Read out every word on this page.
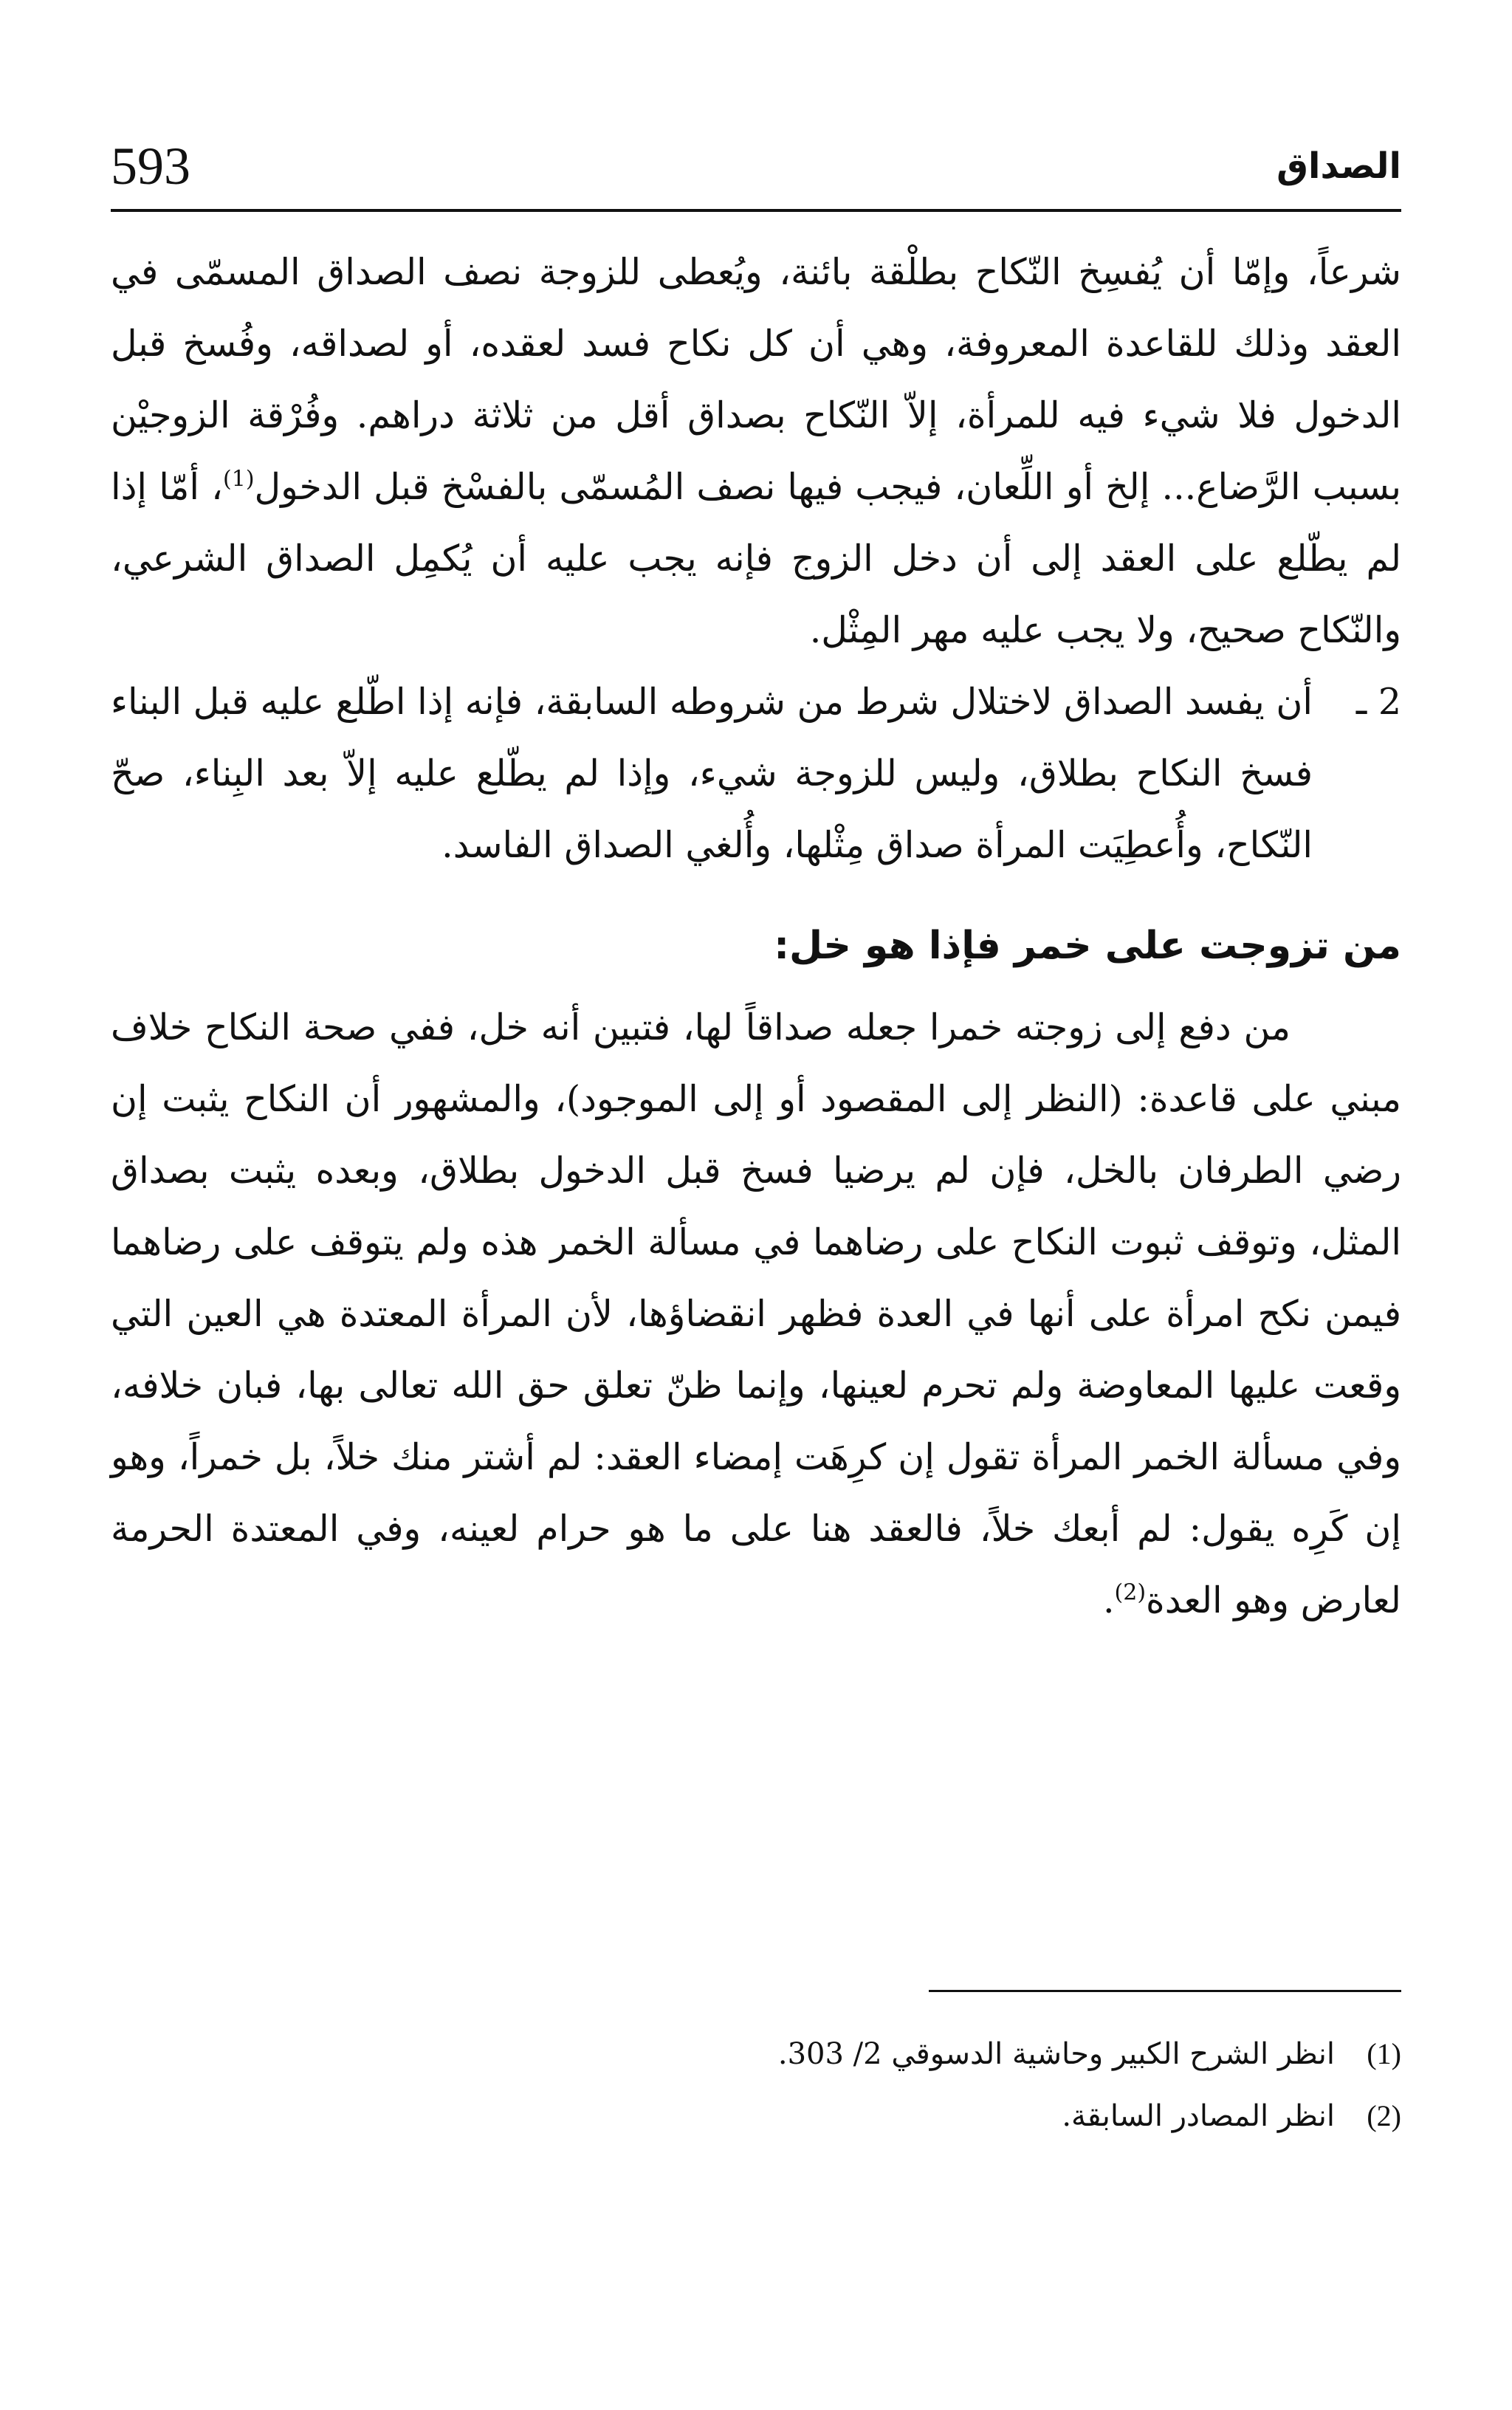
593	الصداق

شرعاً، وإمّا أن يُفسِخ النّكاح بطلْقة بائنة، ويُعطى للزوجة نصف الصداق المسمّى في العقد وذلك للقاعدة المعروفة، وهي أن كل نكاح فسد لعقده، أو لصداقه، وفُسخ قبل الدخول فلا شيء فيه للمرأة، إلاّ النّكاح بصداق أقل من ثلاثة دراهم. وفُرْقة الزوجيْن بسبب الرَّضاع... إلخ أو اللِّعان، فيجب فيها نصف المُسمّى بالفسْخ قبل الدخول$^{(1)}$، أمّا إذا لم يطّلع على العقد إلى أن دخل الزوج فإنه يجب عليه أن يُكمِل الصداق الشرعي، والنّكاح صحيح، ولا يجب عليه مهر المِثْل.

2 ـ
أن يفسد الصداق لاختلال شرط من شروطه السابقة، فإنه إذا اطّلع عليه قبل البناء فسخ النكاح بطلاق، وليس للزوجة شيء، وإذا لم يطّلع عليه إلاّ بعد البِناء، صحّ النّكاح، وأُعطِيَت المرأة صداق مِثْلها، وأُلغي الصداق الفاسد.

من تزوجت على خمر فإذا هو خل:

من دفع إلى زوجته خمرا جعله صداقاً لها، فتبين أنه خل، ففي صحة النكاح خلاف مبني على قاعدة: (النظر إلى المقصود أو إلى الموجود)، والمشهور أن النكاح يثبت إن رضي الطرفان بالخل، فإن لم يرضيا فسخ قبل الدخول بطلاق، وبعده يثبت بصداق المثل، وتوقف ثبوت النكاح على رضاهما في مسألة الخمر هذه ولم يتوقف على رضاهما فيمن نكح امرأة على أنها في العدة فظهر انقضاؤها، لأن المرأة المعتدة هي العين التي وقعت عليها المعاوضة ولم تحرم لعينها، وإنما ظنّ تعلق حق الله تعالى بها، فبان خلافه، وفي مسألة الخمر المرأة تقول إن كرِهَت إمضاء العقد: لم أشتر منك خلاً، بل خمراً، وهو إن كَرِه يقول: لم أبعك خلاً، فالعقد هنا على ما هو حرام لعينه، وفي المعتدة الحرمة لعارض وهو العدة$^{(2)}$.

(1)
انظر الشرح الكبير وحاشية الدسوقي 2/ 303.
(2)
انظر المصادر السابقة.
